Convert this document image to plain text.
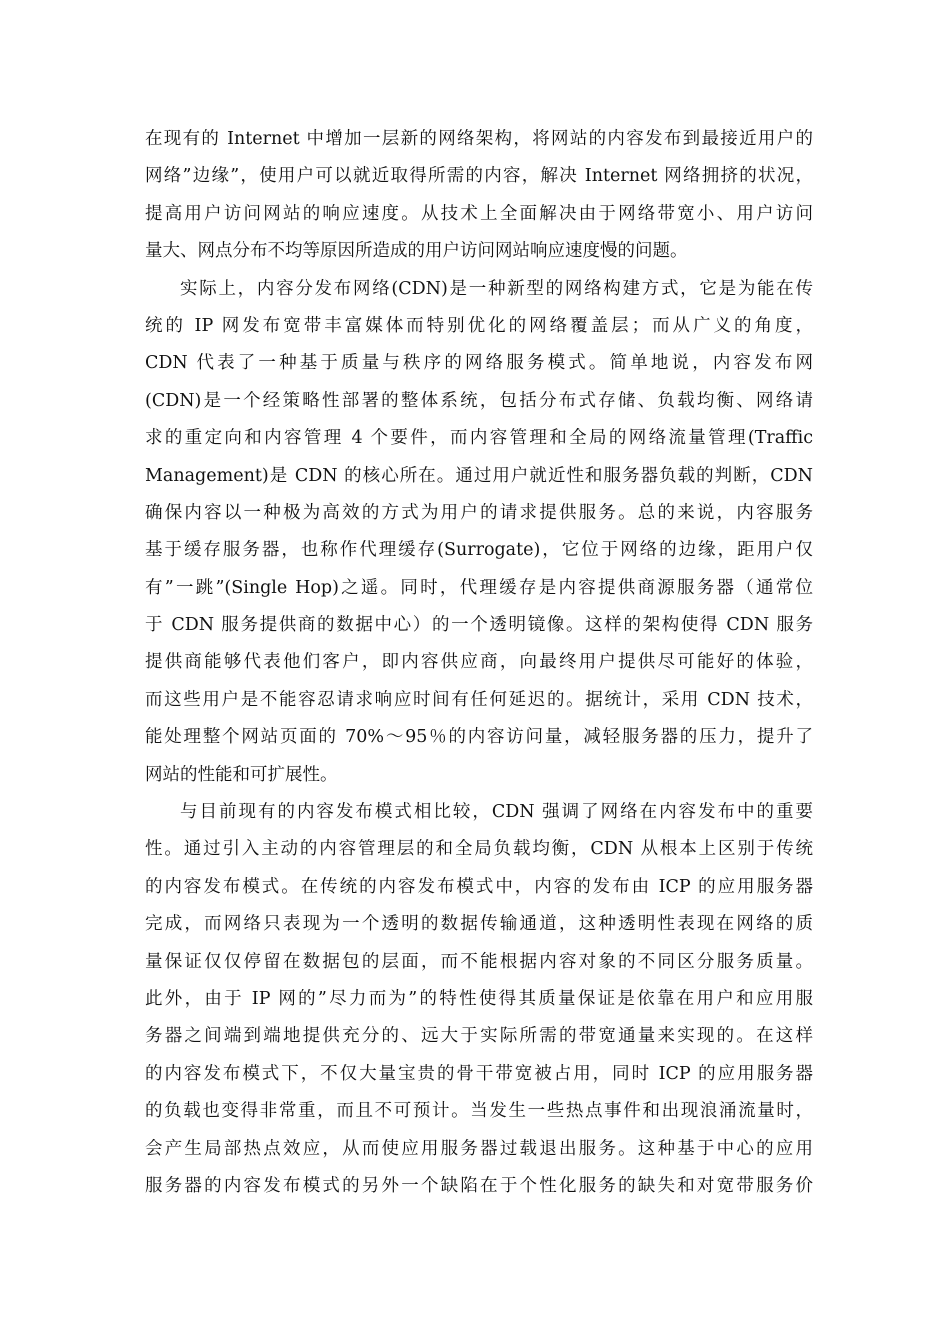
在现有的 Internet 中增加一层新的网络架构，将网站的内容发布到最接近用户的
网络”边缘”，使用户可以就近取得所需的内容，解决 Internet 网络拥挤的状况，
提高用户访问网站的响应速度。从技术上全面解决由于网络带宽小、用户访问
量大、网点分布不均等原因所造成的用户访问网站响应速度慢的问题。
实际上，内容分发布网络(CDN)是一种新型的网络构建方式，它是为能在传
统的 IP 网发布宽带丰富媒体而特别优化的网络覆盖层；而从广义的角度，
CDN 代表了一种基于质量与秩序的网络服务模式。简单地说，内容发布网
(CDN)是一个经策略性部署的整体系统，包括分布式存储、负载均衡、网络请
求的重定向和内容管理 4 个要件，而内容管理和全局的网络流量管理(Traffic
Management)是 CDN 的核心所在。通过用户就近性和服务器负载的判断，CDN
确保内容以一种极为高效的方式为用户的请求提供服务。总的来说，内容服务
基于缓存服务器，也称作代理缓存(Surrogate)，它位于网络的边缘，距用户仅
有”一跳”(Single Hop)之遥。同时，代理缓存是内容提供商源服务器（通常位
于 CDN 服务提供商的数据中心）的一个透明镜像。这样的架构使得 CDN 服务
提供商能够代表他们客户，即内容供应商，向最终用户提供尽可能好的体验，
而这些用户是不能容忍请求响应时间有任何延迟的。据统计，采用 CDN 技术，
能处理整个网站页面的 70%～95％的内容访问量，减轻服务器的压力，提升了
网站的性能和可扩展性。
与目前现有的内容发布模式相比较，CDN 强调了网络在内容发布中的重要
性。通过引入主动的内容管理层的和全局负载均衡，CDN 从根本上区别于传统
的内容发布模式。在传统的内容发布模式中，内容的发布由 ICP 的应用服务器
完成，而网络只表现为一个透明的数据传输通道，这种透明性表现在网络的质
量保证仅仅停留在数据包的层面，而不能根据内容对象的不同区分服务质量。
此外，由于 IP 网的”尽力而为”的特性使得其质量保证是依靠在用户和应用服
务器之间端到端地提供充分的、远大于实际所需的带宽通量来实现的。在这样
的内容发布模式下，不仅大量宝贵的骨干带宽被占用，同时 ICP 的应用服务器
的负载也变得非常重，而且不可预计。当发生一些热点事件和出现浪涌流量时，
会产生局部热点效应，从而使应用服务器过载退出服务。这种基于中心的应用
服务器的内容发布模式的另外一个缺陷在于个性化服务的缺失和对宽带服务价
